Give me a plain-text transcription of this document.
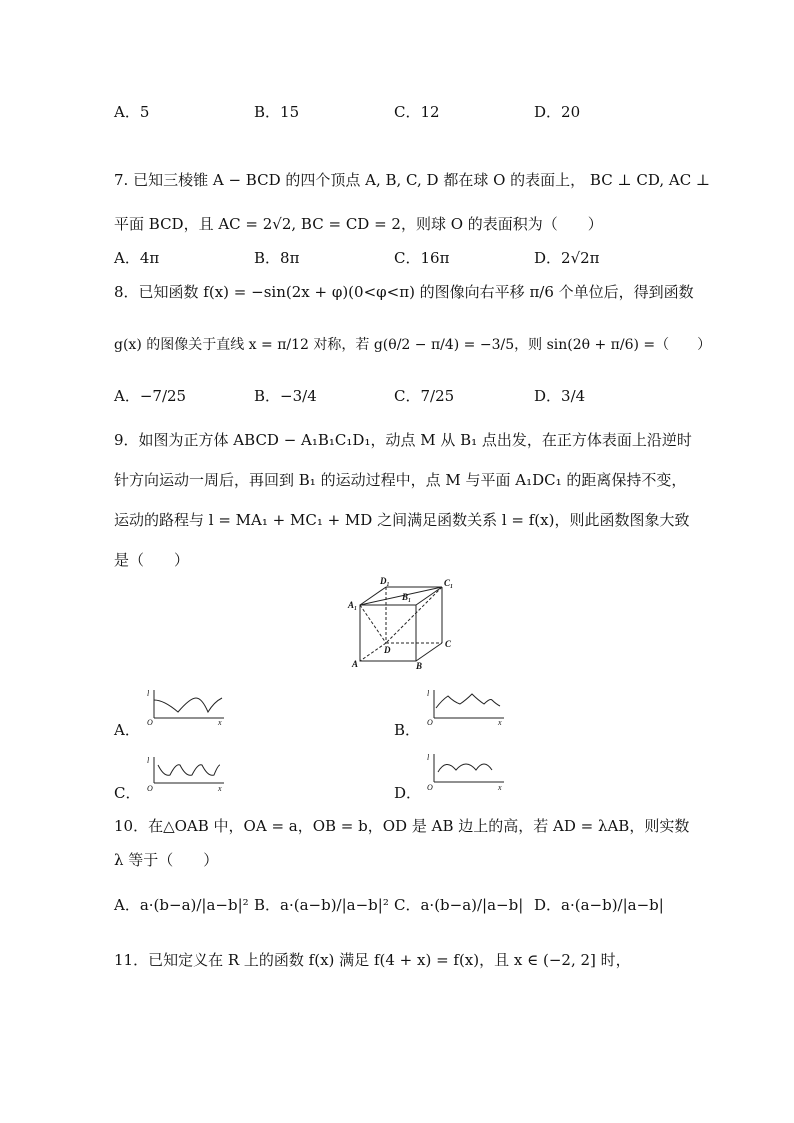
A．5	B．15	C．12	D．20
7. 已知三棱锥 A − BCD 的四个顶点 A, B, C, D 都在球 O 的表面上， BC ⊥ CD, AC ⊥
平面 BCD，且 AC = 2√2, BC = CD = 2，则球 O 的表面积为（　　）
A．4π	B．8π	C．16π	D．2√2π
8．已知函数 f(x) = −sin(2x + φ)(0<φ<π) 的图像向右平移 π/6 个单位后，得到函数
g(x) 的图像关于直线 x = π/12 对称，若 g(θ/2 − π/4) = −3/5，则 sin(2θ + π/6) =（　　）
A．−7/25	B．−3/4	C．7/25	D．3/4
9．如图为正方体 ABCD − A₁B₁C₁D₁，动点 M 从 B₁ 点出发，在正方体表面上沿逆时
针方向运动一周后，再回到 B₁ 的运动过程中，点 M 与平面 A₁DC₁ 的距离保持不变，
运动的路程与 l = MA₁ + MC₁ + MD 之间满足函数关系 l = f(x)，则此函数图象大致
是（　　）
D₁	C₁
A₁
B₁
D
C
A	B
A．
l
O	x	B．
l
O	x
C．
l
O	x	D．
l
O	x
10．在△OAB 中，OA = a，OB = b，OD 是 AB 边上的高，若 AD = λAB，则实数
λ 等于（　　）
A．a·(b−a)/|a−b|² B．a·(a−b)/|a−b|² C．a·(b−a)/|a−b| D．a·(a−b)/|a−b|
11．已知定义在 R 上的函数 f(x) 满足 f(4 + x) = f(x)，且 x ∈ (−2, 2] 时，
